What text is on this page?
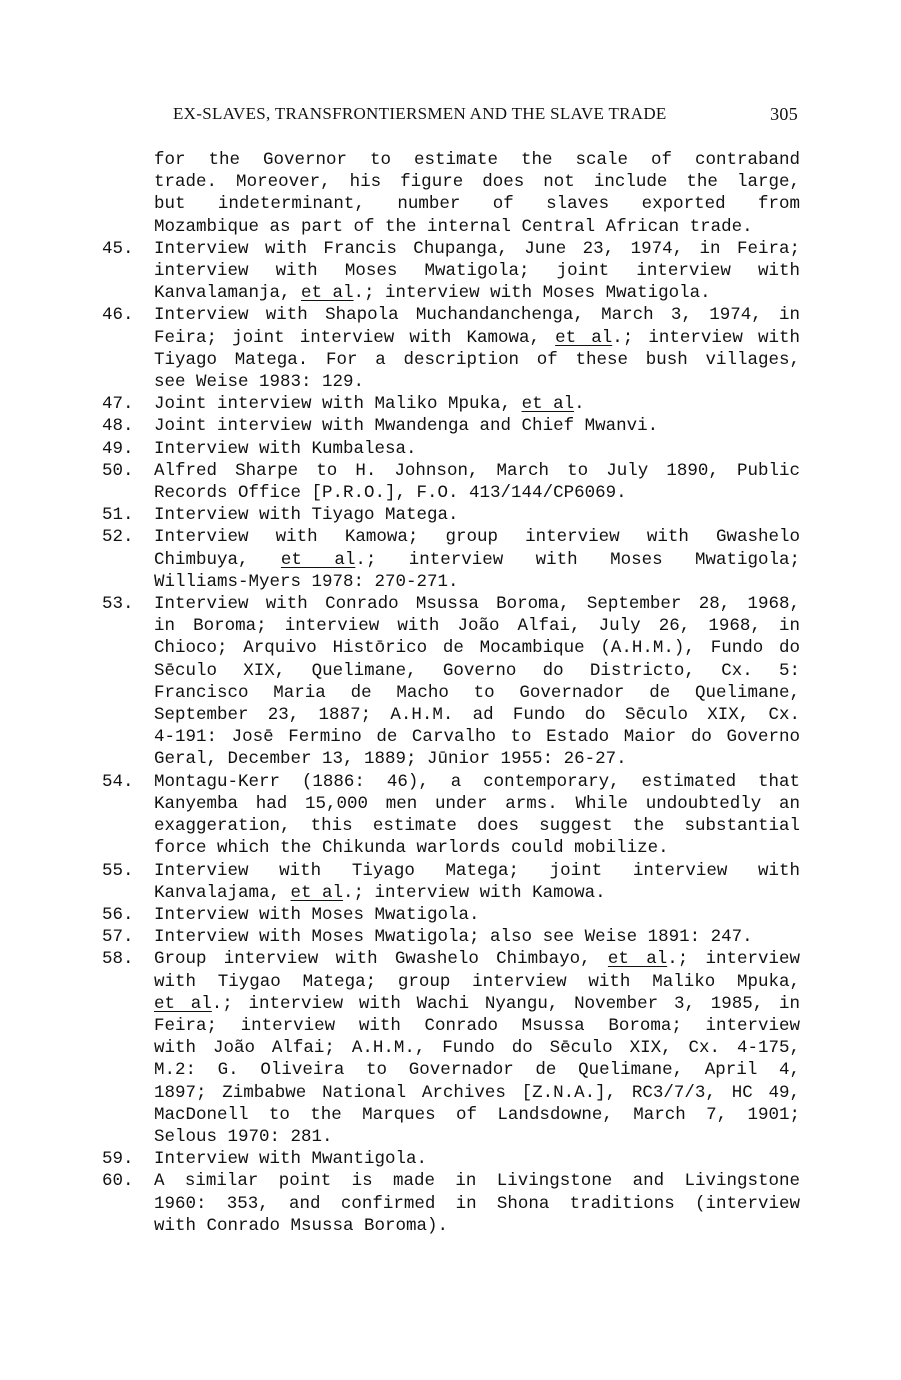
EX-SLAVES, TRANSFRONTIERSMEN AND THE SLAVE TRADE	305
for the Governor to estimate the scale of contraband
trade. Moreover, his figure does not include the large,
but indeterminant, number of slaves exported from
Mozambique as part of the internal Central African trade.
45. Interview with Francis Chupanga, June 23, 1974, in Feira;
interview with Moses Mwatigola; joint interview with
Kanvalamanja, et al.; interview with Moses Mwatigola.
46. Interview with Shapola Muchandanchenga, March 3, 1974, in
Feira; joint interview with Kamowa, et al.; interview with
Tiyago Matega. For a description of these bush villages,
see Weise 1983: 129.
47. Joint interview with Maliko Mpuka, et al.
48. Joint interview with Mwandenga and Chief Mwanvi.
49. Interview with Kumbalesa.
50. Alfred Sharpe to H. Johnson, March to July 1890, Public
Records Office [P.R.O.], F.O. 413/144/CP6069.
51. Interview with Tiyago Matega.
52. Interview with Kamowa; group interview with Gwashelo
Chimbuya, et al.; interview with Moses Mwatigola;
Williams-Myers 1978: 270-271.
53. Interview with Conrado Msussa Boroma, September 28, 1968,
in Boroma; interview with João Alfai, July 26, 1968, in
Chioco; Arquivo Histōrico de Mocambique (A.H.M.), Fundo do
Sēculo XIX, Quelimane, Governo do Districto, Cx. 5:
Francisco Maria de Macho to Governador de Quelimane,
September 23, 1887; A.H.M. ad Fundo do Sēculo XIX, Cx.
4-191: Josē Fermino de Carvalho to Estado Maior do Governo
Geral, December 13, 1889; Jūnior 1955: 26-27.
54. Montagu-Kerr (1886: 46), a contemporary, estimated that
Kanyemba had 15,000 men under arms. While undoubtedly an
exaggeration, this estimate does suggest the substantial
force which the Chikunda warlords could mobilize.
55. Interview with Tiyago Matega; joint interview with
Kanvalajama, et al.; interview with Kamowa.
56. Interview with Moses Mwatigola.
57. Interview with Moses Mwatigola; also see Weise 1891: 247.
58. Group interview with Gwashelo Chimbayo, et al.; interview
with Tiygao Matega; group interview with Maliko Mpuka,
et al.; interview with Wachi Nyangu, November 3, 1985, in
Feira; interview with Conrado Msussa Boroma; interview
with João Alfai; A.H.M., Fundo do Sēculo XIX, Cx. 4-175,
M.2: G. Oliveira to Governador de Quelimane, April 4,
1897; Zimbabwe National Archives [Z.N.A.], RC3/7/3, HC 49,
MacDonell to the Marques of Landsdowne, March 7, 1901;
Selous 1970: 281.
59. Interview with Mwantigola.
60. A similar point is made in Livingstone and Livingstone
1960: 353, and confirmed in Shona traditions (interview
with Conrado Msussa Boroma).
